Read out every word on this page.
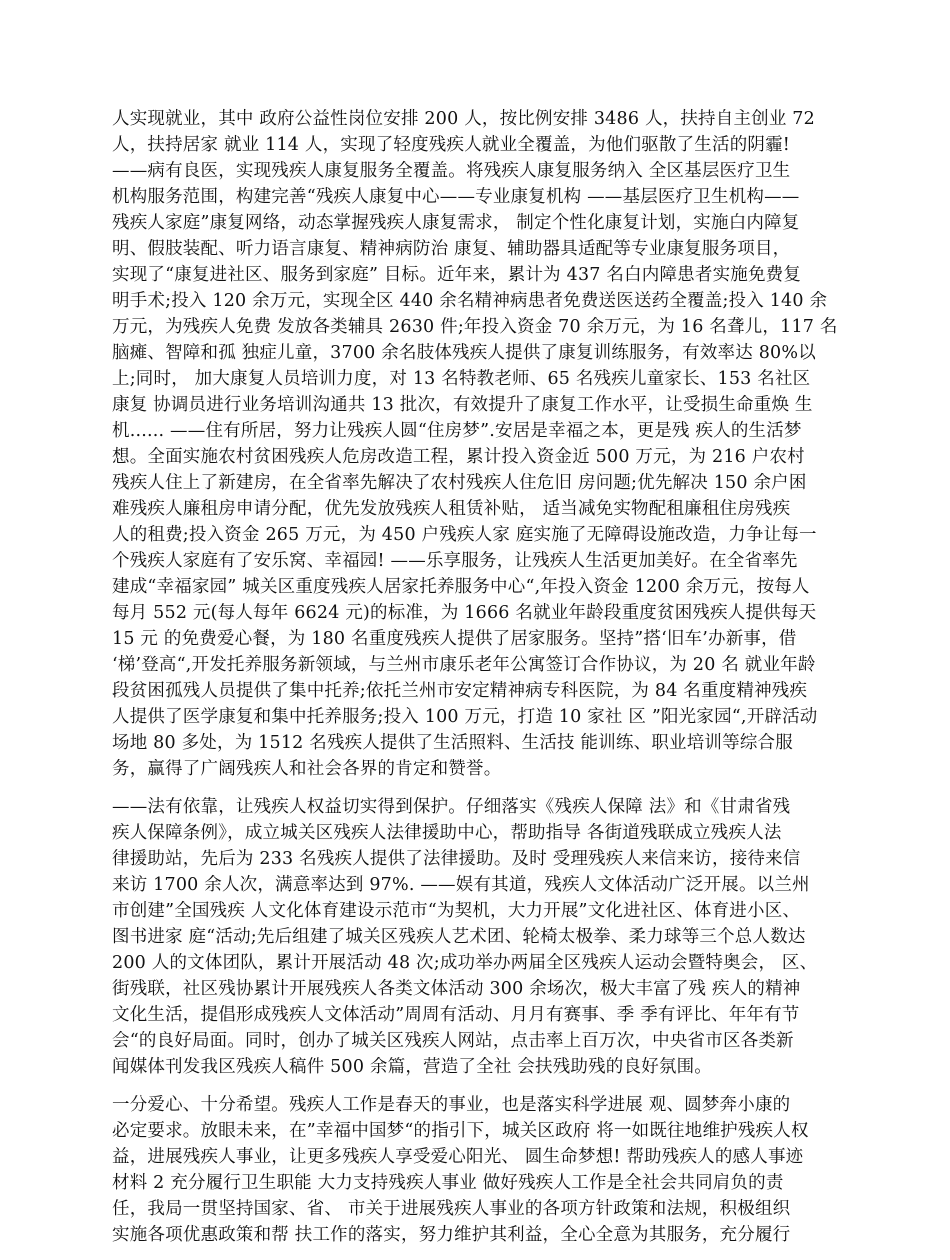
人实现就业，其中 政府公益性岗位安排 200 人，按比例安排 3486 人，扶持自主创业 72
人，扶持居家 就业 114 人，实现了轻度残疾人就业全覆盖，为他们驱散了生活的阴霾!
——病有良医，实现残疾人康复服务全覆盖。将残疾人康复服务纳入 全区基层医疗卫生
机构服务范围，构建完善“残疾人康复中心——专业康复机构 ——基层医疗卫生机构——
残疾人家庭”康复网络，动态掌握残疾人康复需求， 制定个性化康复计划，实施白内障复
明、假肢装配、听力语言康复、精神病防治 康复、辅助器具适配等专业康复服务项目，
实现了“康复进社区、服务到家庭” 目标。近年来，累计为 437 名白内障患者实施免费复
明手术;投入 120 余万元，实现全区 440 余名精神病患者免费送医送药全覆盖;投入 140 余
万元，为残疾人免费 发放各类辅具 2630 件;年投入资金 70 余万元，为 16 名聋儿，117 名
脑瘫、智障和孤 独症儿童，3700 余名肢体残疾人提供了康复训练服务，有效率达 80%以
上;同时， 加大康复人员培训力度，对 13 名特教老师、65 名残疾儿童家长、153 名社区
康复 协调员进行业务培训沟通共 13 批次，有效提升了康复工作水平，让受损生命重焕 生
机...... ——住有所居，努力让残疾人圆“住房梦”.安居是幸福之本，更是残 疾人的生活梦
想。全面实施农村贫困残疾人危房改造工程，累计投入资金近 500 万元，为 216 户农村
残疾人住上了新建房，在全省率先解决了农村残疾人住危旧 房问题;优先解决 150 余户困
难残疾人廉租房申请分配，优先发放残疾人租赁补贴， 适当减免实物配租廉租住房残疾
人的租费;投入资金 265 万元，为 450 户残疾人家 庭实施了无障碍设施改造，力争让每一
个残疾人家庭有了安乐窝、幸福园! ——乐享服务，让残疾人生活更加美好。在全省率先
建成“幸福家园” 城关区重度残疾人居家托养服务中心“,年投入资金 1200 余万元，按每人
每月 552 元(每人每年 6624 元)的标准，为 1666 名就业年龄段重度贫困残疾人提供每天
15 元 的免费爱心餐，为 180 名重度残疾人提供了居家服务。坚持”搭‘旧车’办新事，借
‘梯’登高“,开发托养服务新领域，与兰州市康乐老年公寓签订合作协议，为 20 名 就业年龄
段贫困孤残人员提供了集中托养;依托兰州市安定精神病专科医院，为 84 名重度精神残疾
人提供了医学康复和集中托养服务;投入 100 万元，打造 10 家社 区 ”阳光家园“,开辟活动
场地 80 多处，为 1512 名残疾人提供了生活照料、生活技 能训练、职业培训等综合服
务，赢得了广阔残疾人和社会各界的肯定和赞誉。
——法有依靠，让残疾人权益切实得到保护。仔细落实《残疾人保障 法》和《甘肃省残
疾人保障条例》，成立城关区残疾人法律援助中心，帮助指导 各街道残联成立残疾人法
律援助站，先后为 233 名残疾人提供了法律援助。及时 受理残疾人来信来访，接待来信
来访 1700 余人次，满意率达到 97%. ——娱有其道，残疾人文体活动广泛开展。以兰州
市创建”全国残疾 人文化体育建设示范市“为契机，大力开展”文化进社区、体育进小区、
图书进家 庭“活动;先后组建了城关区残疾人艺术团、轮椅太极拳、柔力球等三个总人数达
200 人的文体团队，累计开展活动 48 次;成功举办两届全区残疾人运动会暨特奥会， 区、
街残联，社区残协累计开展残疾人各类文体活动 300 余场次，极大丰富了残 疾人的精神
文化生活，提倡形成残疾人文体活动”周周有活动、月月有赛事、季 季有评比、年年有节
会“的良好局面。同时，创办了城关区残疾人网站，点击率上百万次，中央省市区各类新
闻媒体刊发我区残疾人稿件 500 余篇，营造了全社 会扶残助残的良好氛围。
一分爱心、十分希望。残疾人工作是春天的事业，也是落实科学进展 观、圆梦奔小康的
必定要求。放眼未来，在”幸福中国梦“的指引下，城关区政府 将一如既往地维护残疾人权
益，进展残疾人事业，让更多残疾人享受爱心阳光、 圆生命梦想! 帮助残疾人的感人事迹
材料 2 充分履行卫生职能 大力支持残疾人事业 做好残疾人工作是全社会共同肩负的责
任，我局一贯坚持国家、省、 市关于进展残疾人事业的各项方针政策和法规，积极组织
实施各项优惠政策和帮 扶工作的落实，努力维护其利益，全心全意为其服务，充分履行
